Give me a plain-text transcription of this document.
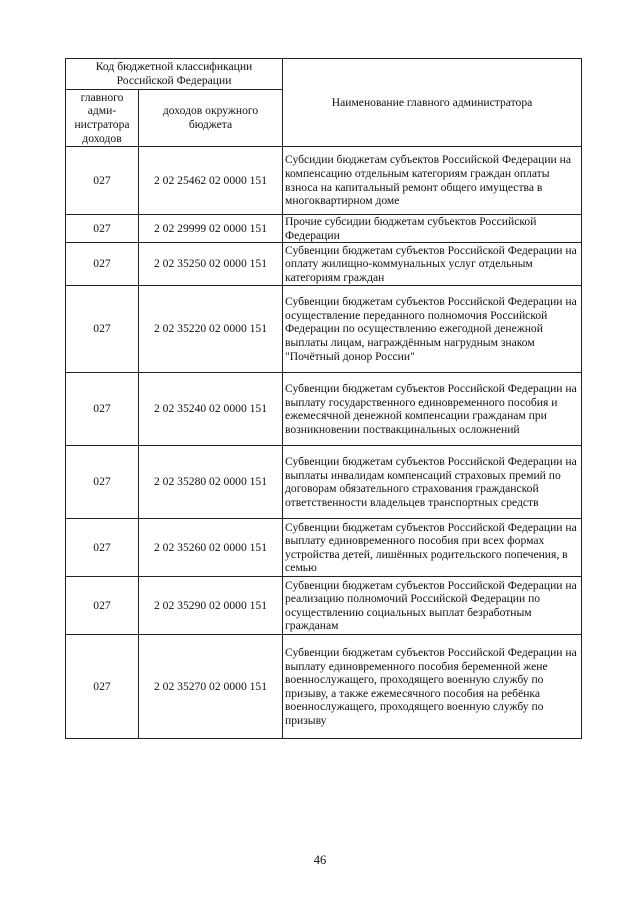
Код бюджетной классификации Российской Федерации		Наименование главного администратора
главного адми-нистратора доходов	доходов окружного бюджета	
027	2 02 25462 02 0000 151	Субсидии бюджетам субъектов Российской Федерации на компенсацию отдельным категориям граждан оплаты взноса на капитальный ремонт общего имущества в многоквартирном доме
027	2 02 29999 02 0000 151	Прочие субсидии бюджетам субъектов Российской Федерации
027	2 02 35250 02 0000 151	Субвенции бюджетам субъектов Российской Федерации на оплату жилищно-коммунальных услуг отдельным категориям граждан
027	2 02 35220 02 0000 151	Субвенции бюджетам субъектов Российской Федерации на осуществление переданного полномочия Российской Федерации по осуществлению ежегодной денежной выплаты лицам, награждённым нагрудным знаком "Почётный донор России"
027	2 02 35240 02 0000 151	Субвенции бюджетам субъектов Российской Федерации на выплату государственного единовременного пособия и ежемесячной денежной компенсации гражданам при возникновении поствакцинальных осложнений
027	2 02 35280 02 0000 151	Субвенции бюджетам субъектов Российской Федерации на выплаты инвалидам компенсаций страховых премий по договорам обязательного страхования гражданской ответственности владельцев транспортных средств
027	2 02 35260 02 0000 151	Субвенции бюджетам субъектов Российской Федерации на выплату единовременного пособия при всех формах устройства детей, лишённых родительского попечения, в семью
027	2 02 35290 02 0000 151	Субвенции бюджетам субъектов Российской Федерации на реализацию полномочий Российской Федерации по осуществлению социальных выплат безработным гражданам
027	2 02 35270 02 0000 151	Субвенции бюджетам субъектов Российской Федерации на выплату единовременного пособия беременной жене военнослужащего, проходящего военную службу по призыву, а также ежемесячного пособия на ребёнка военнослужащего, проходящего военную службу по призыву
46
